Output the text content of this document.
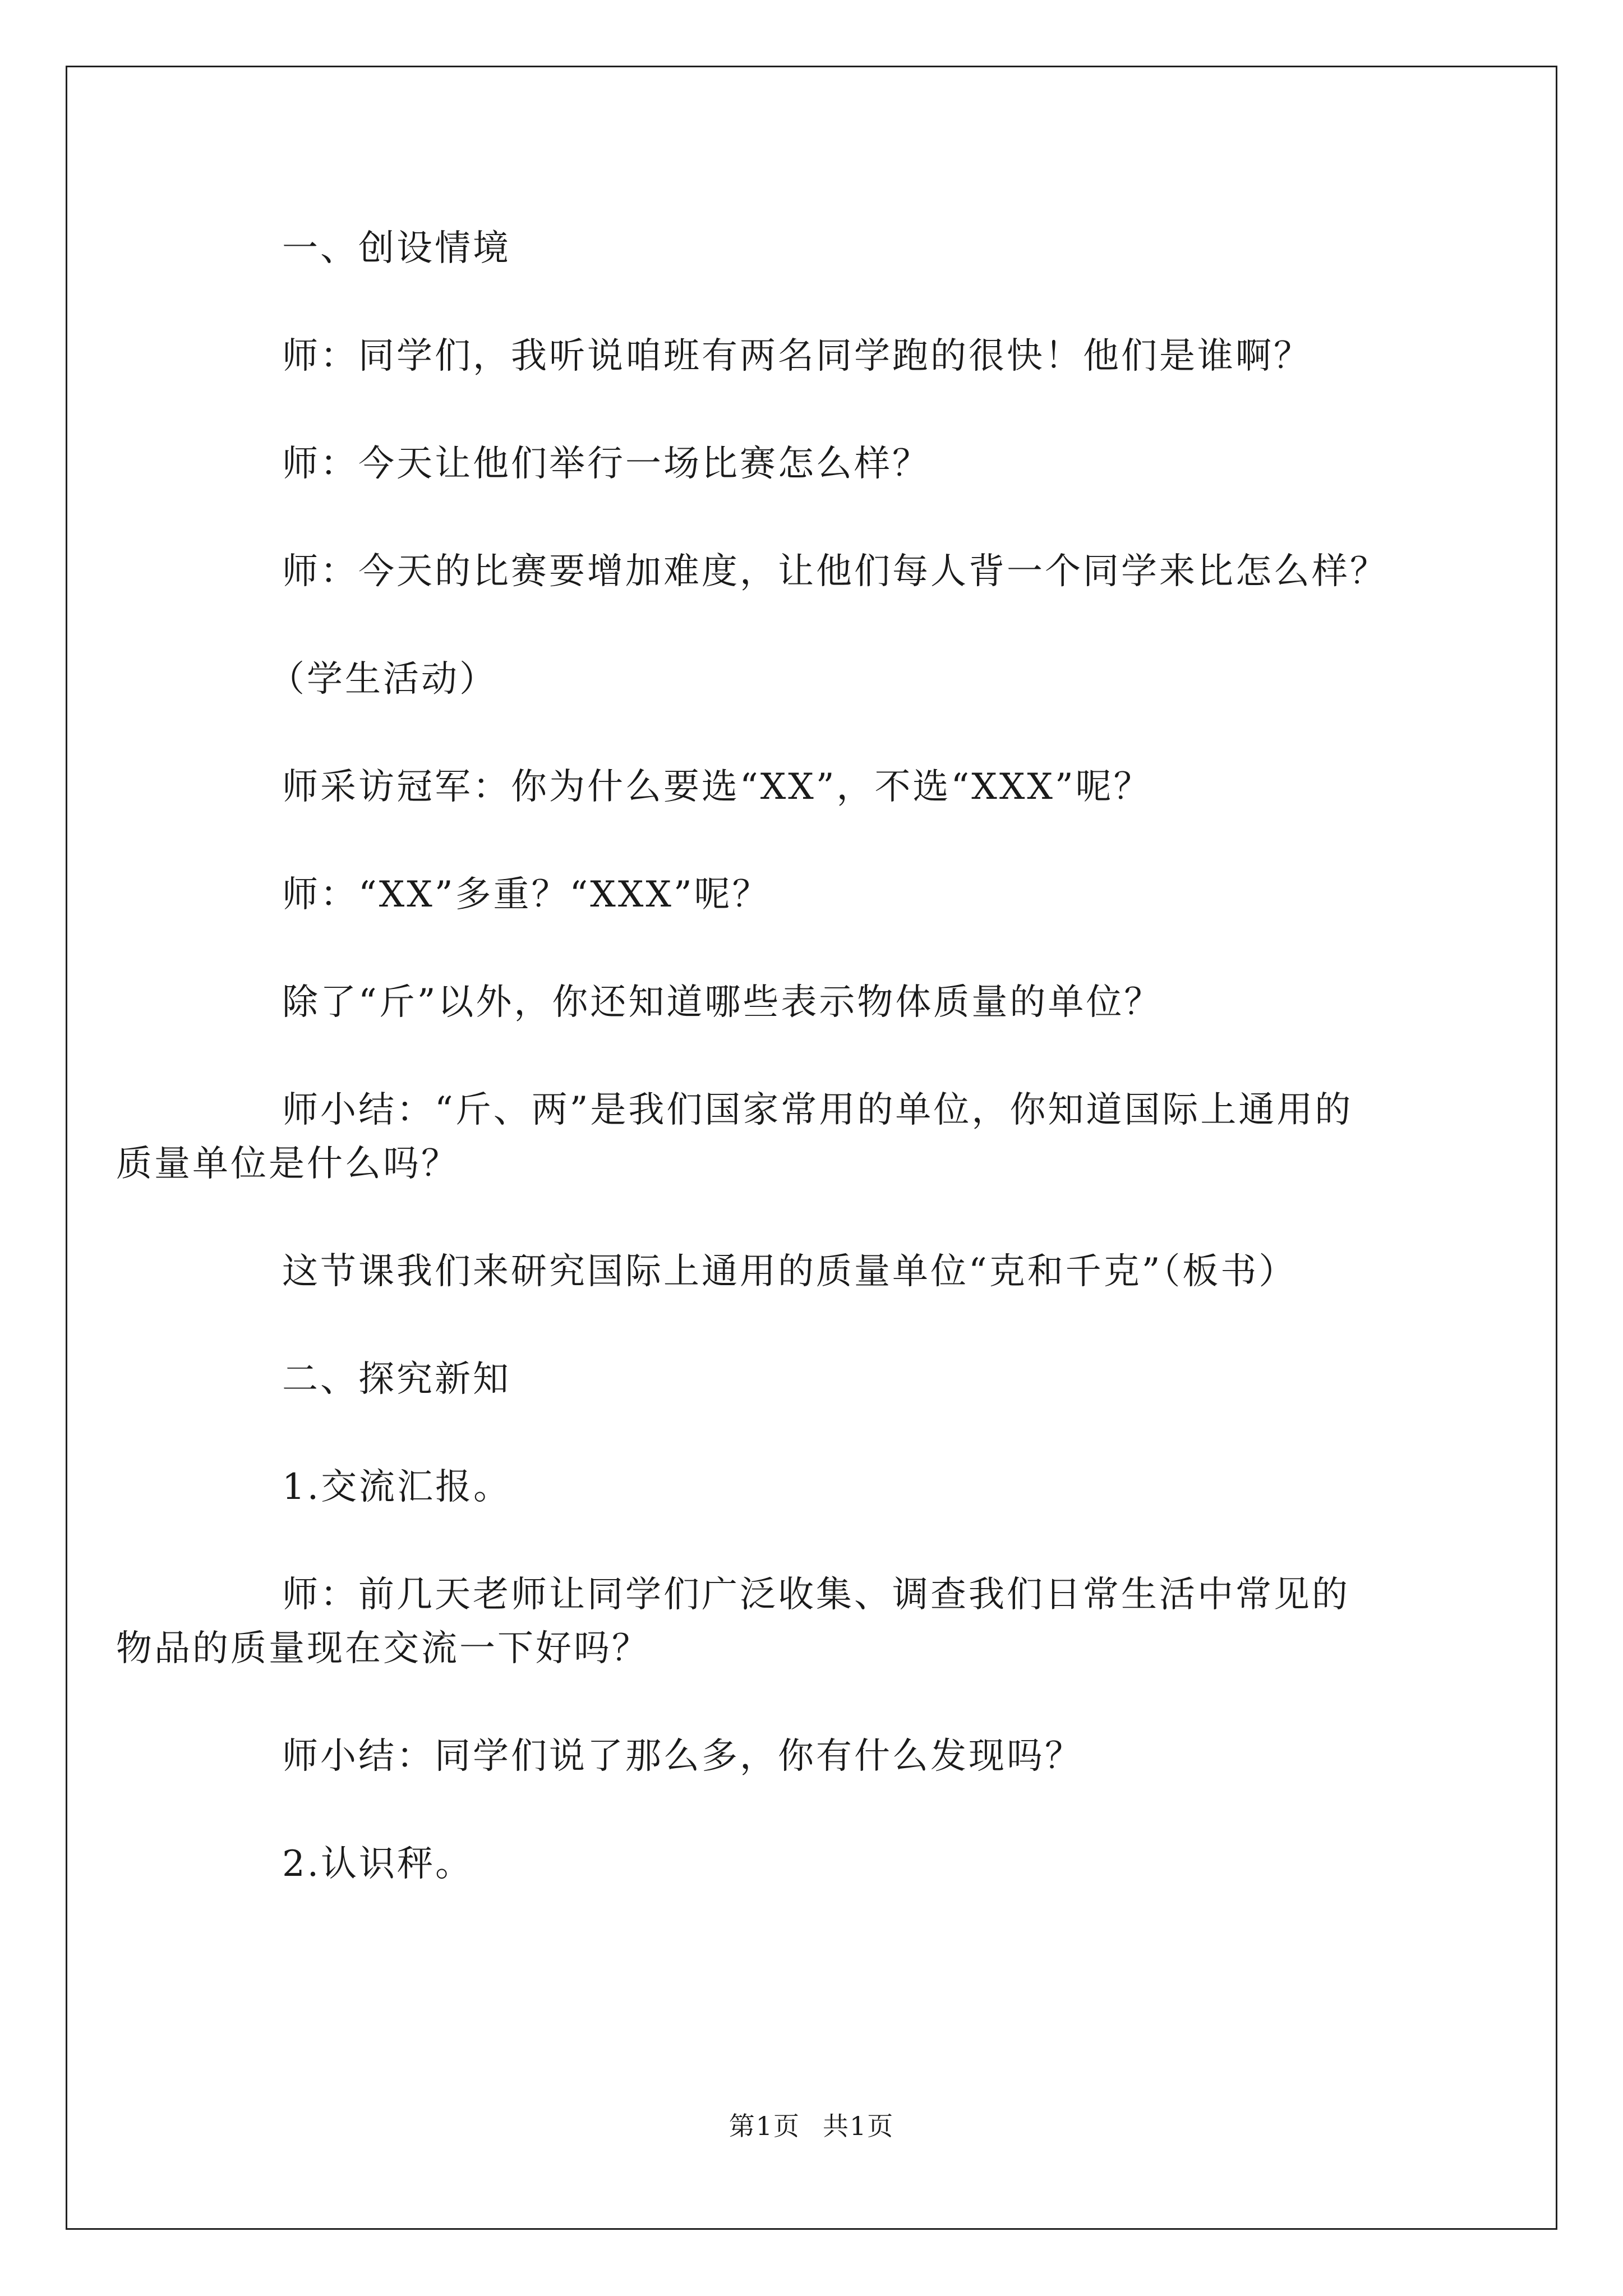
一、创设情境

师：同学们，我听说咱班有两名同学跑的很快！他们是谁啊？

师：今天让他们举行一场比赛怎么样？

师：今天的比赛要增加难度，让他们每人背一个同学来比怎么样？

（学生活动）

师采访冠军：你为什么要选“XX”，不选“XXX”呢？

师：“XX”多重？“XXX”呢？

除了“斤”以外，你还知道哪些表示物体质量的单位？

师小结：“斤、两”是我们国家常用的单位，你知道国际上通用的质量单位是什么吗？

这节课我们来研究国际上通用的质量单位“克和千克”（板书）

二、探究新知

1.交流汇报。

师：前几天老师让同学们广泛收集、调查我们日常生活中常见的物品的质量现在交流一下好吗？

师小结：同学们说了那么多，你有什么发现吗？

2.认识秤。

第1页 共1页
